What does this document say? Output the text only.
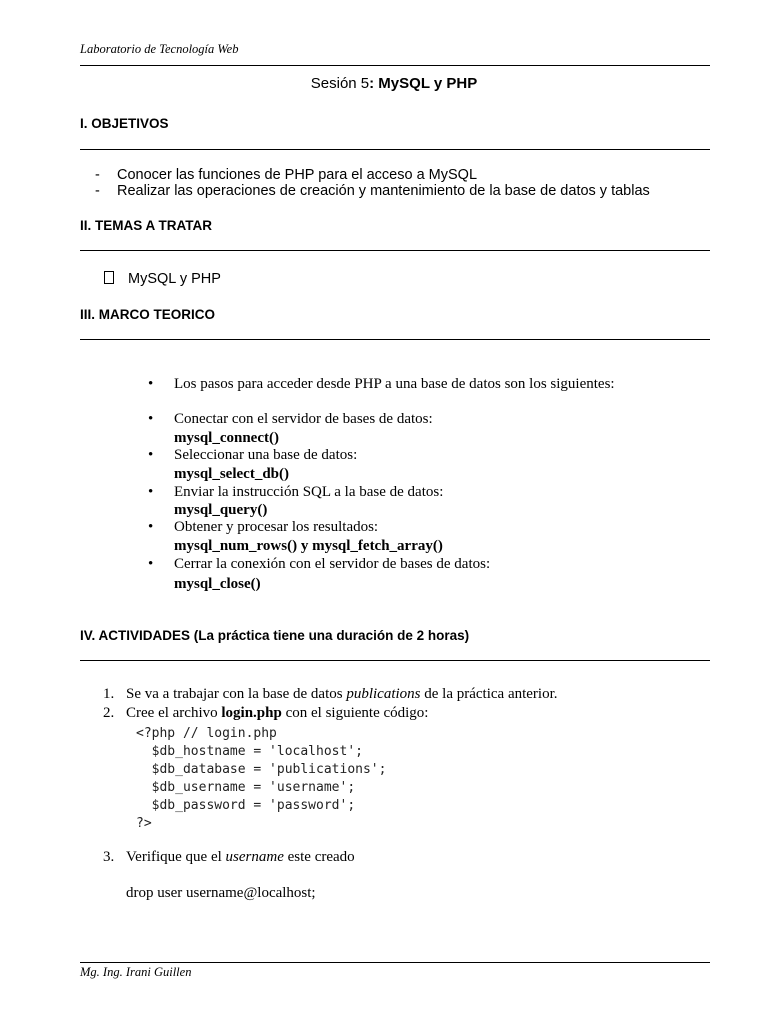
Laboratorio de Tecnología Web
Sesión 5: MySQL y PHP
I. OBJETIVOS
- Conocer las funciones de PHP para el acceso a MySQL
- Realizar las operaciones de creación y mantenimiento de la base de datos y tablas
II. TEMAS A TRATAR
MySQL y PHP
III. MARCO TEORICO
• Los pasos para acceder desde PHP a una base de datos son los siguientes:
• Conectar con el servidor de bases de datos:
mysql_connect()
• Seleccionar una base de datos:
mysql_select_db()
• Enviar la instrucción SQL a la base de datos:
mysql_query()
• Obtener y procesar los resultados:
mysql_num_rows() y mysql_fetch_array()
• Cerrar la conexión con el servidor de bases de datos:
mysql_close()
IV. ACTIVIDADES (La práctica tiene una duración de 2 horas)
1. Se va a trabajar con la base de datos publications de la práctica anterior.
2. Cree el archivo login.php con el siguiente código:
3. Verifique que el username este creado
drop user username@localhost;
<?php // login.php
$db_hostname = 'localhost';
$db_database = 'publications';
$db_username = 'username';
$db_password = 'password';
?>
Mg. Ing. Irani Guillen
